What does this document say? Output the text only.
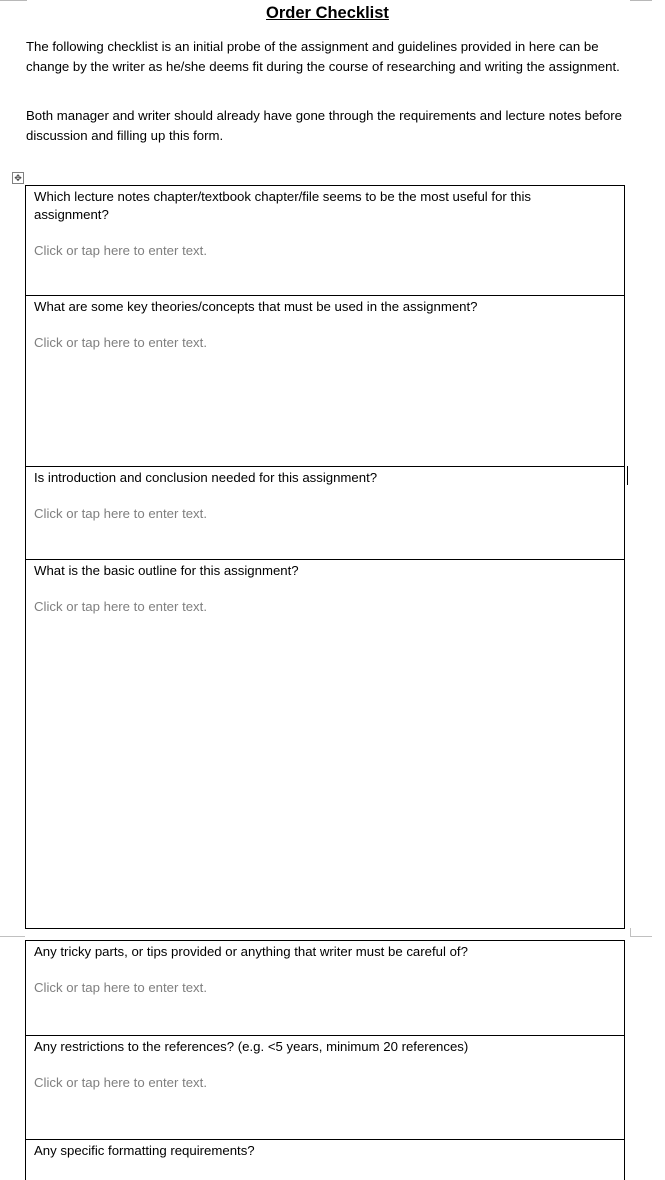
Order Checklist

The following checklist is an initial probe of the assignment and guidelines provided in here can be change by the writer as he/she deems fit during the course of researching and writing the assignment.

Both manager and writer should already have gone through the requirements and lecture notes before discussion and filling up this form.

✥

Which lecture notes chapter/textbook chapter/file seems to be the most useful for this assignment?

Click or tap here to enter text.

What are some key theories/concepts that must be used in the assignment?

Click or tap here to enter text.

Is introduction and conclusion needed for this assignment?

Click or tap here to enter text.

What is the basic outline for this assignment?

Click or tap here to enter text.

Any tricky parts, or tips provided or anything that writer must be careful of?

Click or tap here to enter text.

Any restrictions to the references? (e.g. <5 years, minimum 20 references)

Click or tap here to enter text.

Any specific formatting requirements?
